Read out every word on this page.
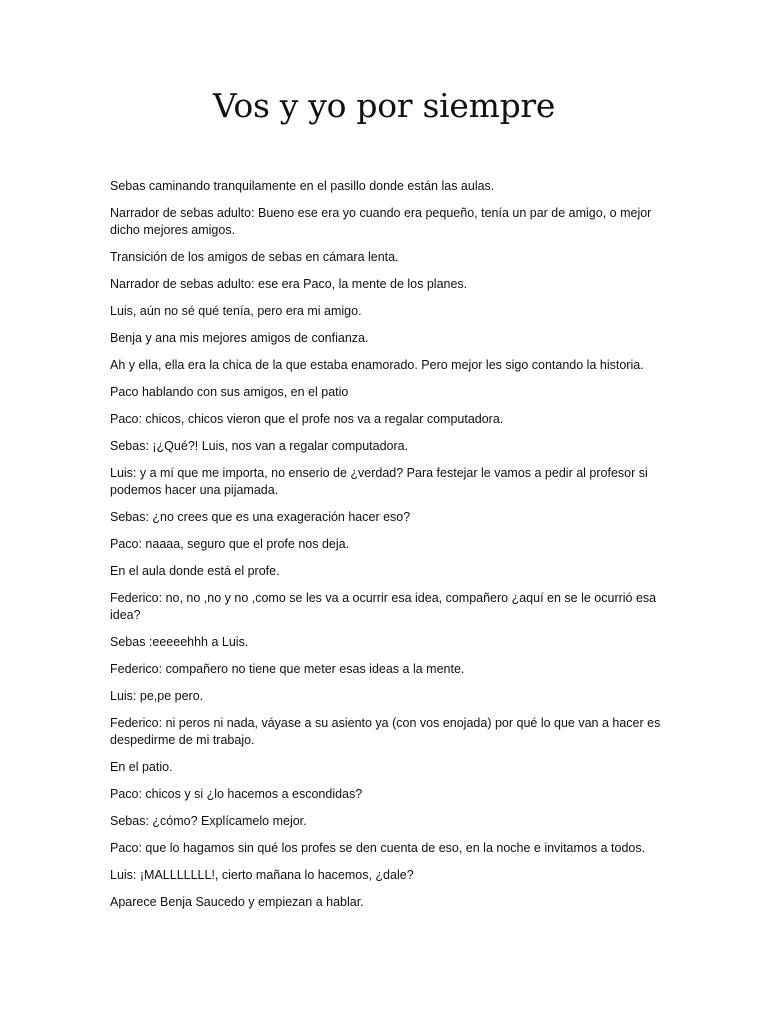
Vos y yo por siempre

Sebas caminando tranquilamente en el pasillo donde están las aulas.

Narrador de sebas adulto: Bueno ese era yo cuando era pequeño, tenía un par de amigo, o mejor dicho mejores amigos.

Transición de los amigos de sebas en cámara lenta.

Narrador de sebas adulto: ese era Paco, la mente de los planes.

Luis, aún no sé qué tenía, pero era mi amigo.

Benja y ana mis mejores amigos de confianza.

Ah y ella, ella era la chica de la que estaba enamorado. Pero mejor les sigo contando la historia.

Paco hablando con sus amigos, en el patio

Paco: chicos, chicos vieron que el profe nos va a regalar computadora.

Sebas: ¡¿Qué?! Luis, nos van a regalar computadora.

Luis: y a mí que me importa, no enserio de ¿verdad? Para festejar le vamos a pedir al profesor si podemos hacer una pijamada.

Sebas: ¿no crees que es una exageración hacer eso?

Paco: naaaa, seguro que el profe nos deja.

En el aula donde está el profe.

Federico: no, no ,no y no ,como se les va a ocurrir esa idea, compañero ¿aquí en se le ocurrió esa idea?

Sebas :eeeeehhh a Luis.

Federico: compañero no tiene que meter esas ideas a la mente.

Luis: pe,pe pero.

Federico: ni peros ni nada, váyase a su asiento ya (con vos enojada) por qué lo que van a hacer es despedirme de mi trabajo.

En el patio.

Paco: chicos y si ¿lo hacemos a escondidas?

Sebas: ¿cómo? Explícamelo mejor.

Paco: que lo hagamos sin qué los profes se den cuenta de eso, en la noche e invitamos a todos.

Luis: ¡MALLLLLLL!, cierto mañana lo hacemos, ¿dale?

Aparece Benja Saucedo y empiezan a hablar.
